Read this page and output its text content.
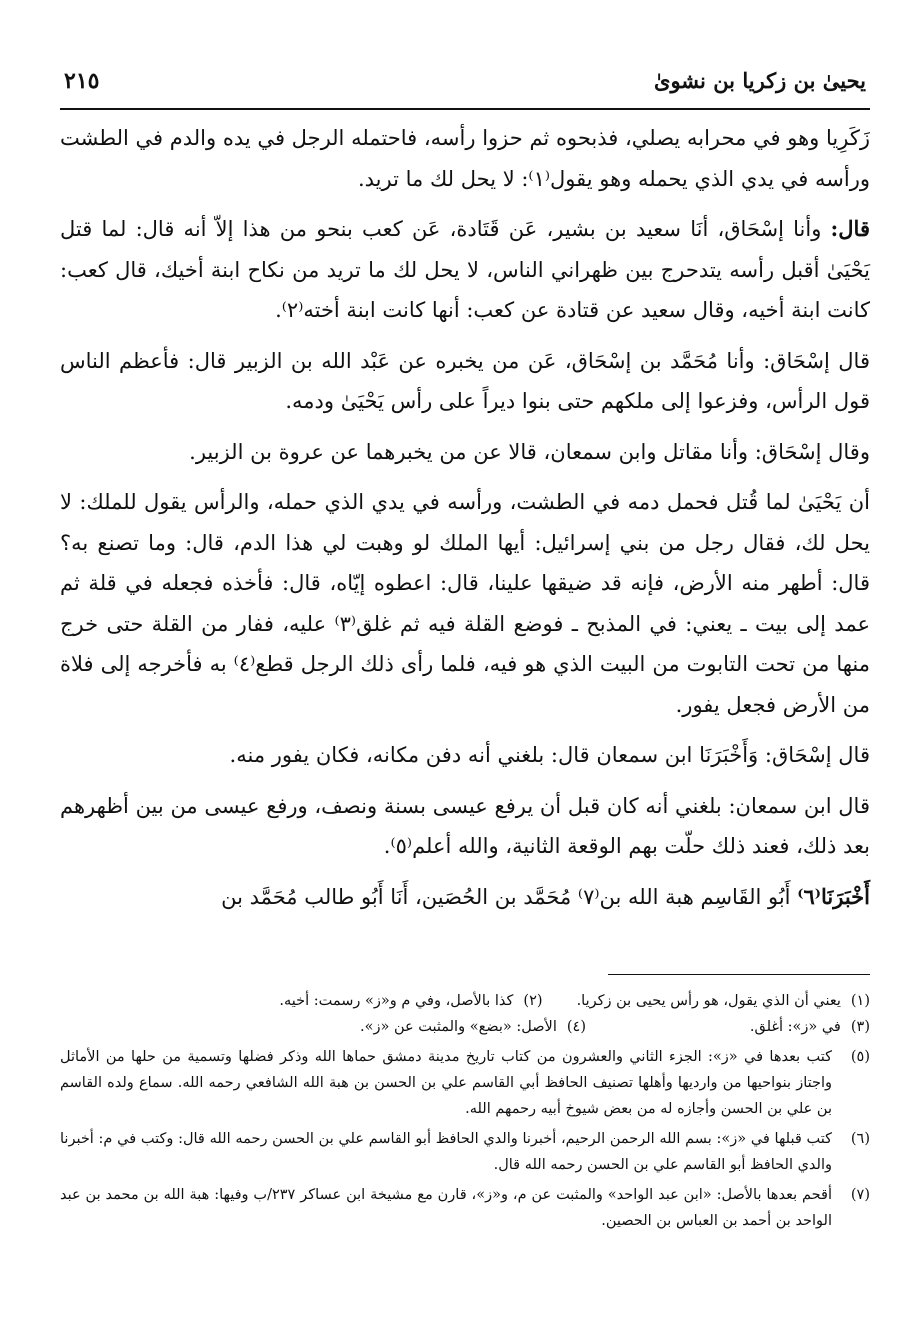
يحيىٰ بن زكريا بن نشوىٰ
٢١٥

زَكَرِيا وهو في محرابه يصلي، فذبحوه ثم حزوا رأسه، فاحتمله الرجل في يده والدم في الطشت ورأسه في يدي الذي يحمله وهو يقول⁽١⁾: لا يحل لك ما تريد.

قال: وأنا إسْحَاق، أنَا سعيد بن بشير، عَن قَتَادة، عَن كعب بنحو من هذا إلاّ أنه قال: لما قتل يَحْيَىٰ أقبل رأسه يتدحرج بين ظهراني الناس، لا يحل لك ما تريد من نكاح ابنة أخيك، قال كعب: كانت ابنة أخيه، وقال سعيد عن قتادة عن كعب: أنها كانت ابنة أخته⁽٢⁾.

قال إسْحَاق: وأنا مُحَمَّد بن إسْحَاق، عَن من يخبره عن عَبْد الله بن الزبير قال: فأعظم الناس قول الرأس، وفزعوا إلى ملكهم حتى بنوا ديراً على رأس يَحْيَىٰ ودمه.

وقال إسْحَاق: وأنا مقاتل وابن سمعان، قالا عن من يخبرهما عن عروة بن الزبير.

أن يَحْيَىٰ لما قُتل فحمل دمه في الطشت، ورأسه في يدي الذي حمله، والرأس يقول للملك: لا يحل لك، فقال رجل من بني إسرائيل: أيها الملك لو وهبت لي هذا الدم، قال: وما تصنع به؟ قال: أطهر منه الأرض، فإنه قد ضيقها علينا، قال: اعطوه إيّاه، قال: فأخذه فجعله في قلة ثم عمد إلى بيت ـ يعني: في المذبح ـ فوضع القلة فيه ثم غلق⁽٣⁾ عليه، ففار من القلة حتى خرج منها من تحت التابوت من البيت الذي هو فيه، فلما رأى ذلك الرجل قطع⁽٤⁾ به فأخرجه إلى فلاة من الأرض فجعل يفور.

قال إسْحَاق: وَأَخْبَرَنَا ابن سمعان قال: بلغني أنه دفن مكانه، فكان يفور منه.

قال ابن سمعان: بلغني أنه كان قبل أن يرفع عيسى بسنة ونصف، ورفع عيسى من بين أظهرهم بعد ذلك، فعند ذلك حلّت بهم الوقعة الثانية، والله أعلم⁽٥⁾.

أَخْبَرَنَا⁽٦⁾ أَبُو القَاسِم هبة الله بن⁽٧⁾ مُحَمَّد بن الحُصَين، أَنَا أَبُو طالب مُحَمَّد بن

(١)يعني أن الذي يقول، هو رأس يحيى بن زكريا.
(٢)كذا بالأصل، وفي م و«ز» رسمت: أخيه.
(٣)في «ز»: أغلق.
(٤)الأصل: «بضع» والمثبت عن «ز».
(٥)
كتب بعدها في «ز»: الجزء الثاني والعشرون من كتاب تاريخ مدينة دمشق حماها الله وذكر فضلها وتسمية من حلها من الأماثل واجتاز بنواحيها من وارديها وأهلها تصنيف الحافظ أبي القاسم علي بن الحسن بن هبة الله الشافعي رحمه الله. سماع ولده القاسم بن علي بن الحسن وأجازه له من بعض شيوخ أبيه رحمهم الله.
(٦)
كتب قبلها في «ز»: بسم الله الرحمن الرحيم، أخبرنا والدي الحافظ أبو القاسم علي بن الحسن رحمه الله قال: وكتب في م: أخبرنا والدي الحافظ أبو القاسم علي بن الحسن رحمه الله قال.
(٧)
أقحم بعدها بالأصل: «ابن عبد الواحد» والمثبت عن م، و«ز»، قارن مع مشيخة ابن عساكر ٢٣٧/ب وفيها: هبة الله بن محمد بن عبد الواحد بن أحمد بن العباس بن الحصين.
